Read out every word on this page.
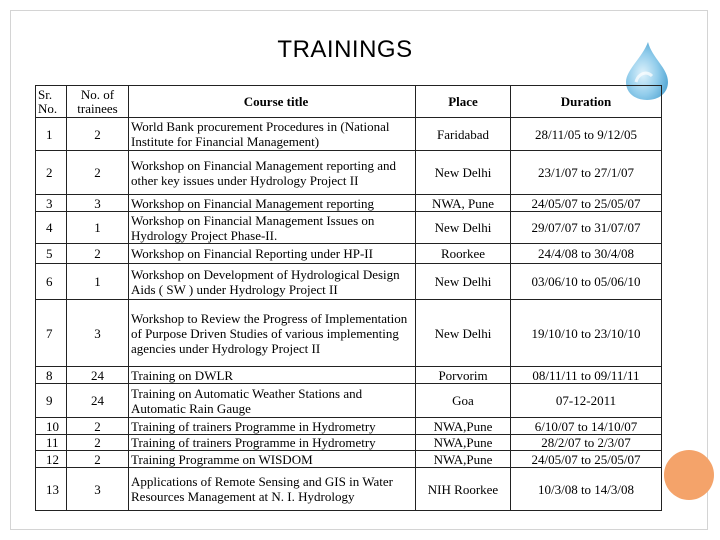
TRAININGS
Sr. No.	No. of trainees	Course title	Place	Duration
1	2	World Bank procurement Procedures in (National Institute for Financial Management)	Faridabad	28/11/05 to 9/12/05
2	2	Workshop on Financial Management reporting and other key issues under Hydrology Project II	New Delhi	23/1/07 to 27/1/07
3	3	Workshop on Financial Management reporting	NWA, Pune	24/05/07 to 25/05/07
4	1	Workshop on Financial Management Issues on Hydrology Project Phase-II.	New Delhi	29/07/07 to 31/07/07
5	2	Workshop on Financial Reporting under HP-II	Roorkee	24/4/08 to 30/4/08
6	1	Workshop on Development of Hydrological Design Aids ( SW ) under Hydrology Project II	New Delhi	03/06/10 to 05/06/10
7	3	Workshop to Review the Progress of Implementation of Purpose Driven Studies of various implementing agencies under Hydrology Project II	New Delhi	19/10/10 to 23/10/10
8	24	Training on DWLR	Porvorim	08/11/11 to 09/11/11
9	24	Training on Automatic Weather Stations and Automatic Rain Gauge	Goa	07-12-2011
10	2	Training of trainers Programme in Hydrometry	NWA,Pune	6/10/07 to 14/10/07
11	2	Training of trainers Programme in Hydrometry	NWA,Pune	28/2/07 to 2/3/07
12	2	Training Programme on WISDOM	NWA,Pune	24/05/07 to 25/05/07
13	3	Applications of Remote Sensing and GIS in Water Resources Management at N. I. Hydrology	NIH Roorkee	10/3/08 to 14/3/08
